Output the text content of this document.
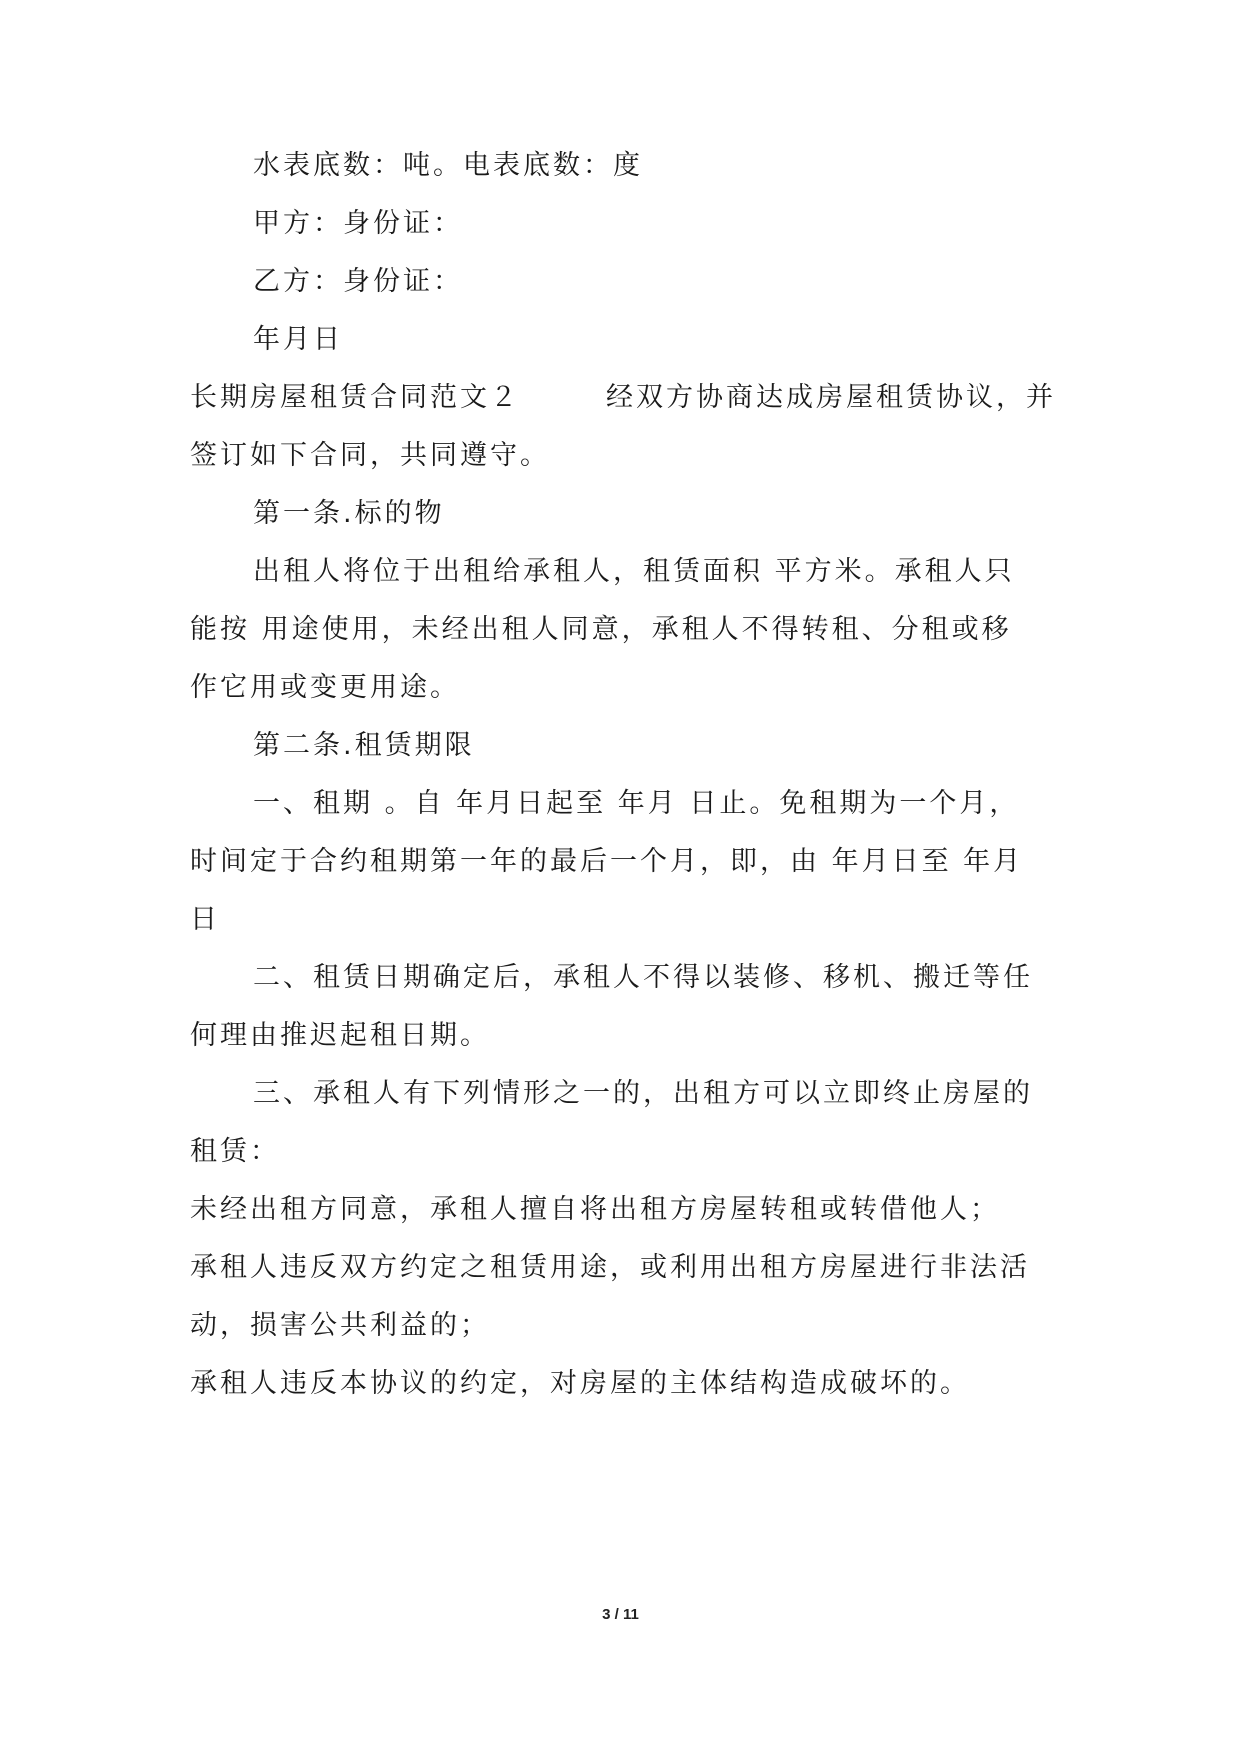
水表底数：吨。电表底数：度

甲方：身份证：

乙方：身份证：

年月日

长期房屋租赁合同范文２	经双方协商达成房屋租赁协议，并

签订如下合同，共同遵守。

第一条.标的物

出租人将位于出租给承租人，租赁面积 平方米。承租人只

能按 用途使用，未经出租人同意，承租人不得转租、分租或移

作它用或变更用途。

第二条.租赁期限

一、租期 。自 年月日起至 年月 日止。免租期为一个月，

时间定于合约租期第一年的最后一个月，即，由 年月日至 年月

日

二、租赁日期确定后，承租人不得以装修、移机、搬迁等任

何理由推迟起租日期。

三、承租人有下列情形之一的，出租方可以立即终止房屋的

租赁：

未经出租方同意，承租人擅自将出租方房屋转租或转借他人；

承租人违反双方约定之租赁用途，或利用出租方房屋进行非法活

动，损害公共利益的；

承租人违反本协议的约定，对房屋的主体结构造成破坏的。

3 / 11
